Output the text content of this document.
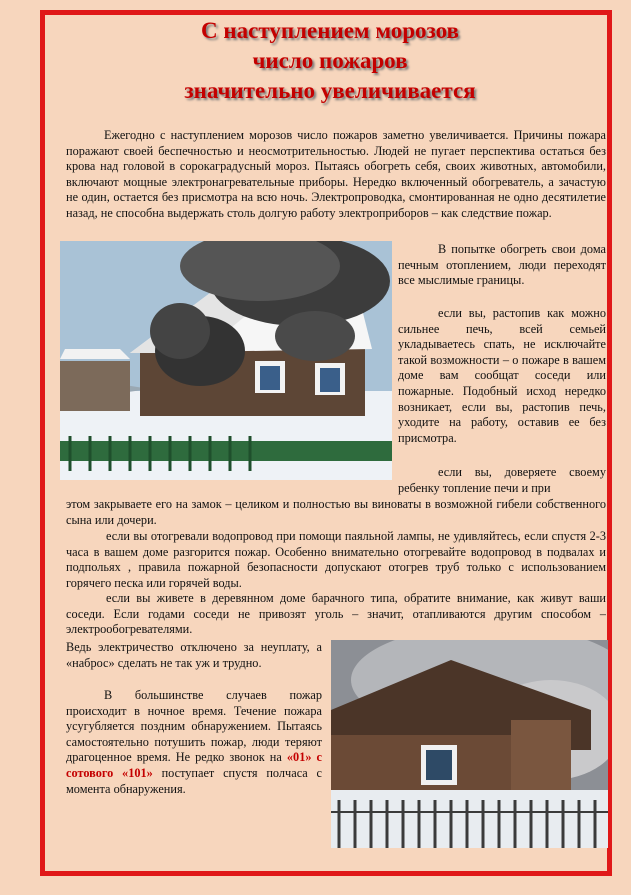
С наступлением морозов
число пожаров
значительно увеличивается

Ежегодно с наступлением морозов число пожаров заметно увеличивается. Причины пожара поражают своей беспечностью и неосмотрительностью. Людей не пугает перспектива остаться без крова над головой в сорокаградусный мороз. Пытаясь обогреть себя, своих животных, автомобили, включают мощные электронагревательные приборы. Нередко включенный обогреватель, а зачастую не один, остается без присмотра на всю ночь. Электропроводка, смонтированная не одно десятилетие назад, не способна выдержать столь долгую работу электроприборов – как следствие пожар.

В попытке обогреть свои дома печным отоплением, люди переходят все мыслимые границы.

если вы, растопив как можно сильнее печь, всей семьей укладываетесь спать, не исключайте такой возможности – о пожаре в вашем доме вам сообщат соседи или пожарные. Подобный исход нередко возникает, если вы, растопив печь, уходите на работу, оставив ее без присмотра.

если вы, доверяете своему ребенку топление печи и при

этом закрываете его на замок – целиком и полностью вы виноваты в возможной гибели собственного сына или дочери.

если вы отогревали водопровод при помощи паяльной лампы, не удивляйтесь, если спустя 2-3 часа в вашем доме разгорится пожар. Особенно внимательно отогревайте водопровод в подвалах и подпольях , правила пожарной безопасности допускают отогрев труб только с использованием горячего песка или горячей воды.

если вы живете в деревянном доме барачного типа, обратите внимание, как живут ваши соседи. Если годами соседи не привозят уголь – значит, отапливаются другим способом – электрообогревателями.

Ведь электричество отключено за неуплату, а «наброс» сделать не так уж и трудно.

В большинстве случаев пожар происходит в ночное время. Течение пожара усугубляется поздним обнаружением. Пытаясь самостоятельно потушить пожар, люди теряют драгоценное время. Не редко звонок на «01» с сотового «101» поступает спустя полчаса с момента обнаружения.
